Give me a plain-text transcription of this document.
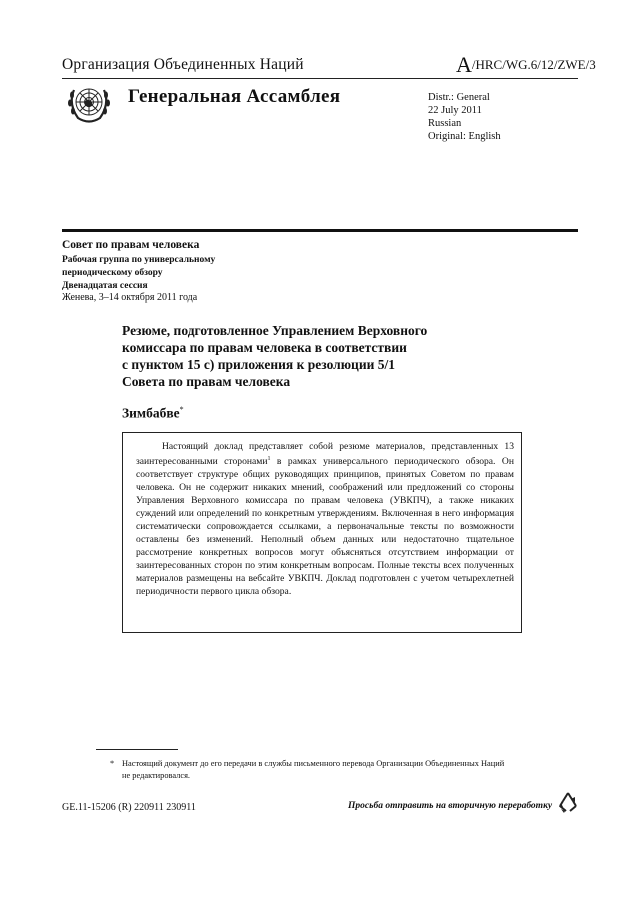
Организация Объединенных Наций	A/HRC/WG.6/12/ZWE/3
Генеральная Ассамблея	Distr.: General
22 July 2011
Russian
Original: English
Совет по правам человека
Рабочая группа по универсальному
периодическому обзору
Двенадцатая сессия
Женева, 3–14 октября 2011 года
Резюме, подготовленное Управлением Верховного
комиссара по правам человека в соответствии
с пунктом 15 с) приложения к резолюции 5/1
Совета по правам человека
Зимбабве*
Настоящий доклад представляет собой резюме материалов, представленных 13 заинтересованными сторонами$^1$ в рамках универсального периодического обзора. Он соответствует структуре общих руководящих принципов, принятых Советом по правам человека. Он не содержит никаких мнений, соображений или предложений со стороны Управления Верховного комиссара по правам человека (УВКПЧ), а также никаких суждений или определений по конкретным утверждениям. Включенная в него информация систематически сопровождается ссылками, а первоначальные тексты по возможности оставлены без изменений. Неполный объем данных или недостаточно тщательное рассмотрение конкретных вопросов могут объясняться отсутствием информации от заинтересованных сторон по этим конкретным вопросам. Полные тексты всех полученных материалов размещены на вебсайте УВКПЧ. Доклад подготовлен с учетом четырехлетней периодичности первого цикла обзора.
* Настоящий документ до его передачи в службы письменного перевода Организации Объединенных Наций не редактировался.
GE.11-15206 (R) 220911 230911	Просьба отправить на вторичную переработку
